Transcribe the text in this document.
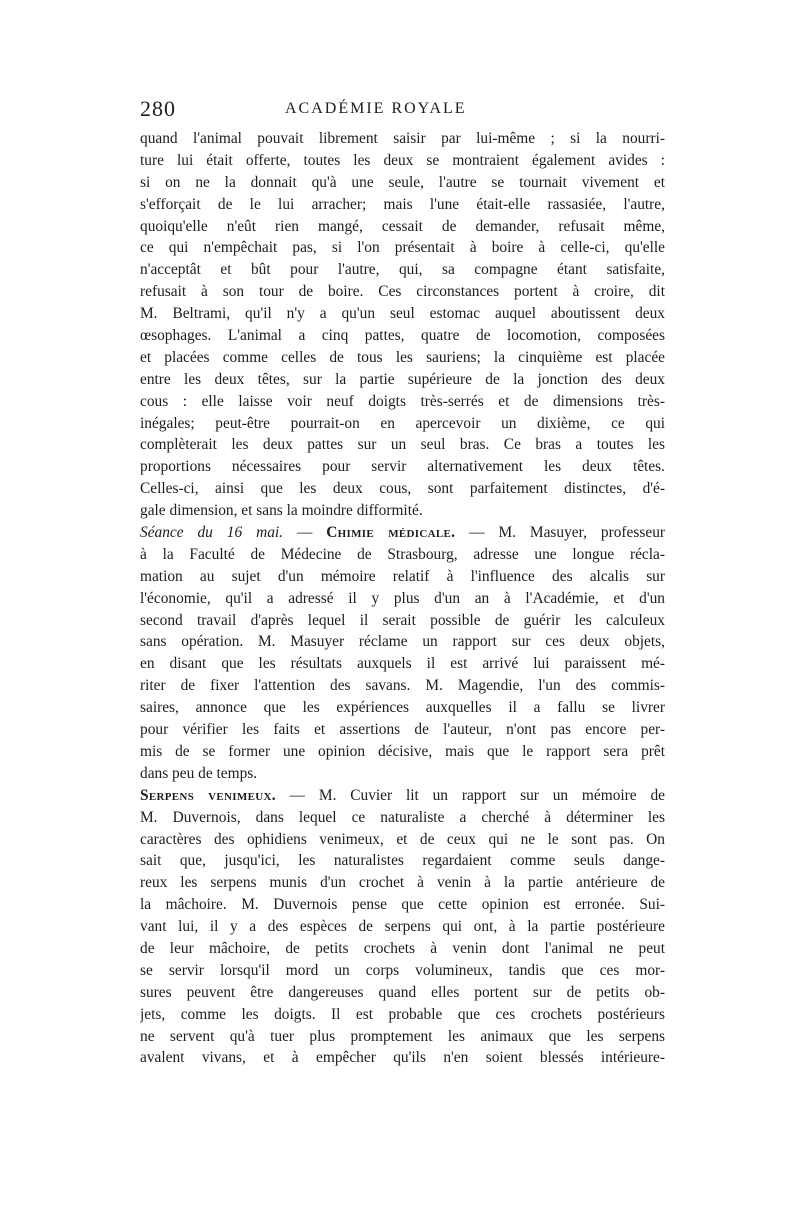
280	ACADÉMIE ROYALE
quand l'animal pouvait librement saisir par lui-même ; si la nourri-
ture lui était offerte, toutes les deux se montraient également avides :
si on ne la donnait qu'à une seule, l'autre se tournait vivement et
s'efforçait de le lui arracher; mais l'une était-elle rassasiée, l'autre,
quoiqu'elle n'eût rien mangé, cessait de demander, refusait même,
ce qui n'empêchait pas, si l'on présentait à boire à celle-ci, qu'elle
n'acceptât et bût pour l'autre, qui, sa compagne étant satisfaite,
refusait à son tour de boire. Ces circonstances portent à croire, dit
M. Beltrami, qu'il n'y a qu'un seul estomac auquel aboutissent deux
œsophages. L'animal a cinq pattes, quatre de locomotion, composées
et placées comme celles de tous les sauriens; la cinquième est placée
entre les deux têtes, sur la partie supérieure de la jonction des deux
cous : elle laisse voir neuf doigts très-serrés et de dimensions très-
inégales; peut-être pourrait-on en apercevoir un dixième, ce qui
complèterait les deux pattes sur un seul bras. Ce bras a toutes les
proportions nécessaires pour servir alternativement les deux têtes.
Celles-ci, ainsi que les deux cous, sont parfaitement distinctes, d'é-
gale dimension, et sans la moindre difformité.
Séance du 16 mai. — Chimie médicale. — M. Masuyer, professeur
à la Faculté de Médecine de Strasbourg, adresse une longue récla-
mation au sujet d'un mémoire relatif à l'influence des alcalis sur
l'économie, qu'il a adressé il y plus d'un an à l'Académie, et d'un
second travail d'après lequel il serait possible de guérir les calculeux
sans opération. M. Masuyer réclame un rapport sur ces deux objets,
en disant que les résultats auxquels il est arrivé lui paraissent mé-
riter de fixer l'attention des savans. M. Magendie, l'un des commis-
saires, annonce que les expériences auxquelles il a fallu se livrer
pour vérifier les faits et assertions de l'auteur, n'ont pas encore per-
mis de se former une opinion décisive, mais que le rapport sera prêt
dans peu de temps.
Serpens venimeux. — M. Cuvier lit un rapport sur un mémoire de
M. Duvernois, dans lequel ce naturaliste a cherché à déterminer les
caractères des ophidiens venimeux, et de ceux qui ne le sont pas. On
sait que, jusqu'ici, les naturalistes regardaient comme seuls dange-
reux les serpens munis d'un crochet à venin à la partie antérieure de
la mâchoire. M. Duvernois pense que cette opinion est erronée. Sui-
vant lui, il y a des espèces de serpens qui ont, à la partie postérieure
de leur mâchoire, de petits crochets à venin dont l'animal ne peut
se servir lorsqu'il mord un corps volumineux, tandis que ces mor-
sures peuvent être dangereuses quand elles portent sur de petits ob-
jets, comme les doigts. Il est probable que ces crochets postérieurs
ne servent qu'à tuer plus promptement les animaux que les serpens
avalent vivans, et à empêcher qu'ils n'en soient blessés intérieure-
